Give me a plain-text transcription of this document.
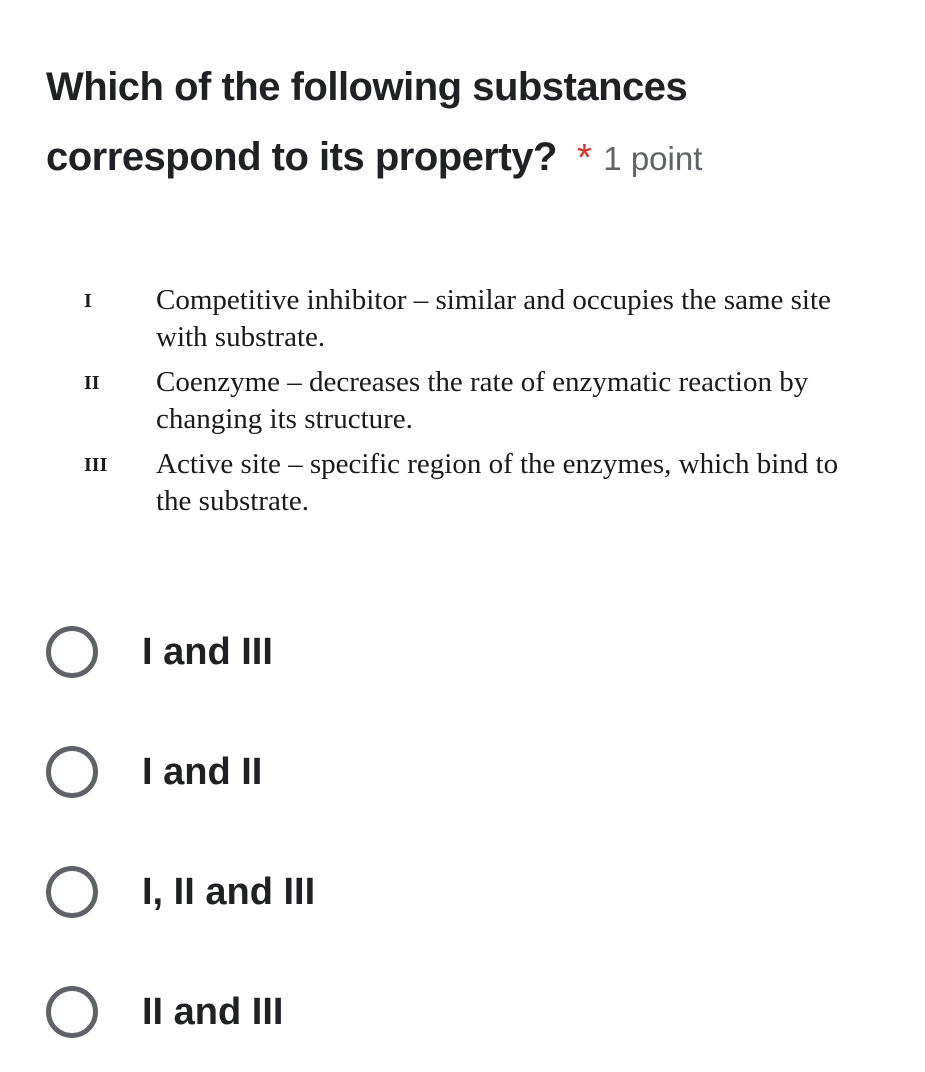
Which of the following substances correspond to its property? * 1 point
I	Competitive inhibitor – similar and occupies the same site with substrate.
II	Coenzyme – decreases the rate of enzymatic reaction by changing its structure.
III	Active site – specific region of the enzymes, which bind to the substrate.
I and III
I and II
I, II and III
II and III
